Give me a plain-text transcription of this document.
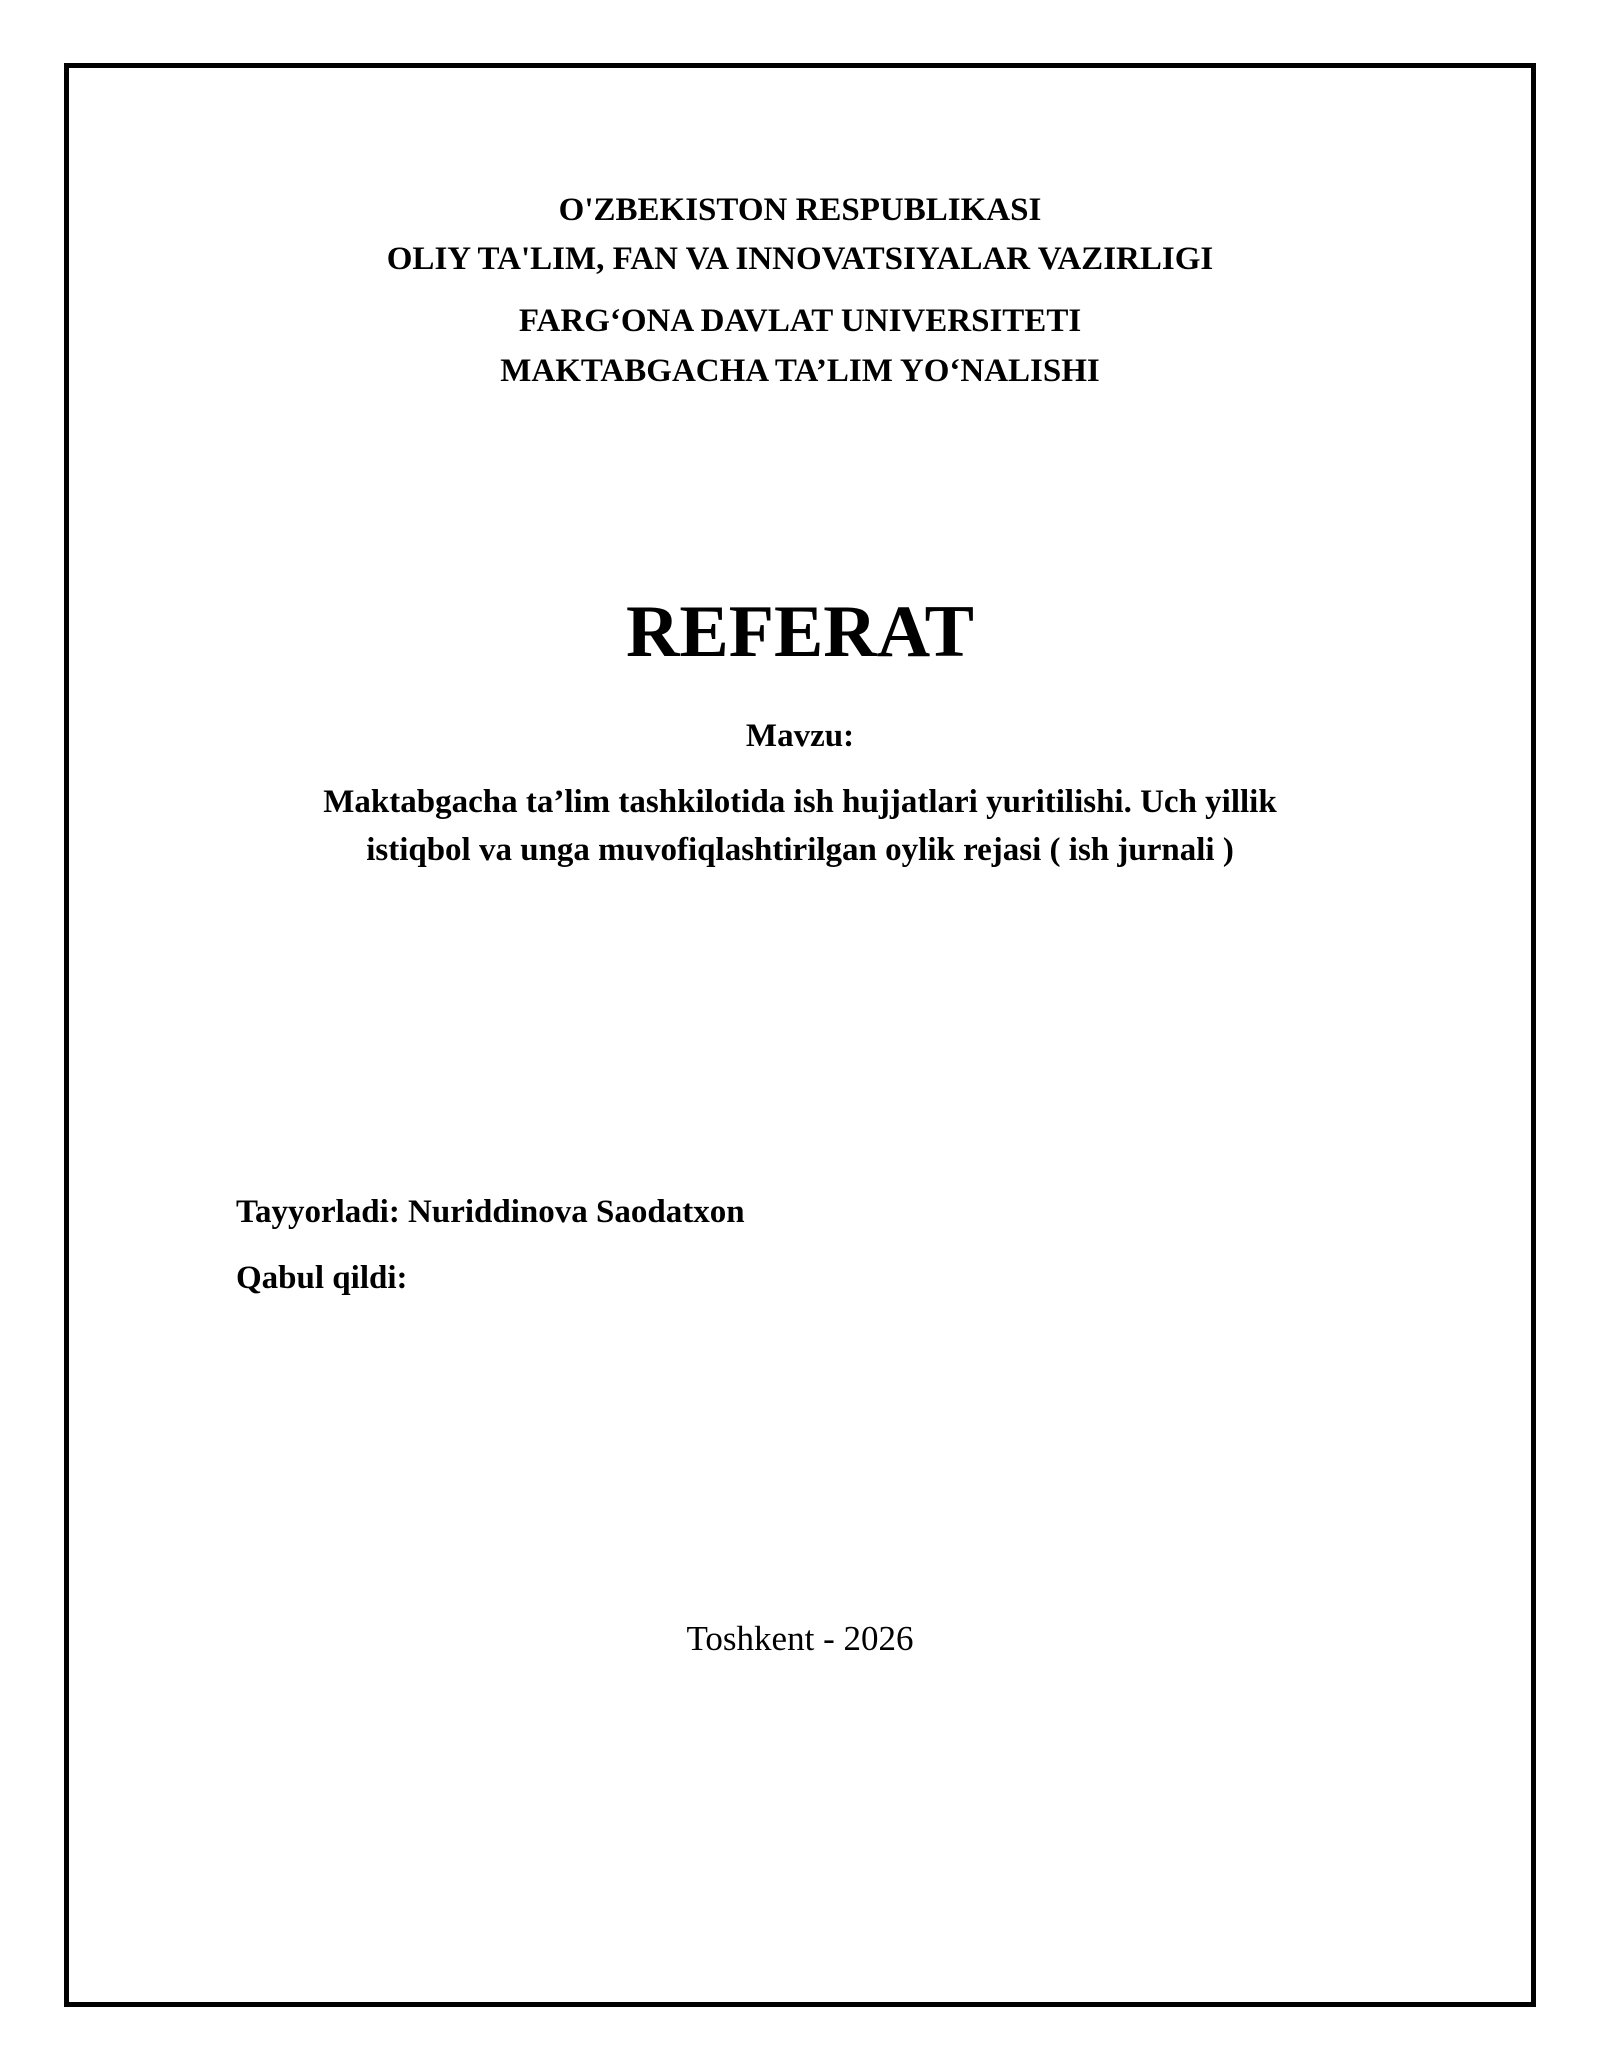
O'ZBEKISTON RESPUBLIKASI
OLIY TA'LIM, FAN VA INNOVATSIYALAR VAZIRLIGI
FARG‘ONA DAVLAT UNIVERSITETI
MAKTABGACHA TA’LIM YO‘NALISHI
REFERAT
Mavzu:
Maktabgacha ta’lim tashkilotida ish hujjatlari yuritilishi. Uch yillik
istiqbol va unga muvofiqlashtirilgan oylik rejasi ( ish jurnali )
Tayyorladi: Nuriddinova Saodatxon
Qabul qildi:
Toshkent - 2026
